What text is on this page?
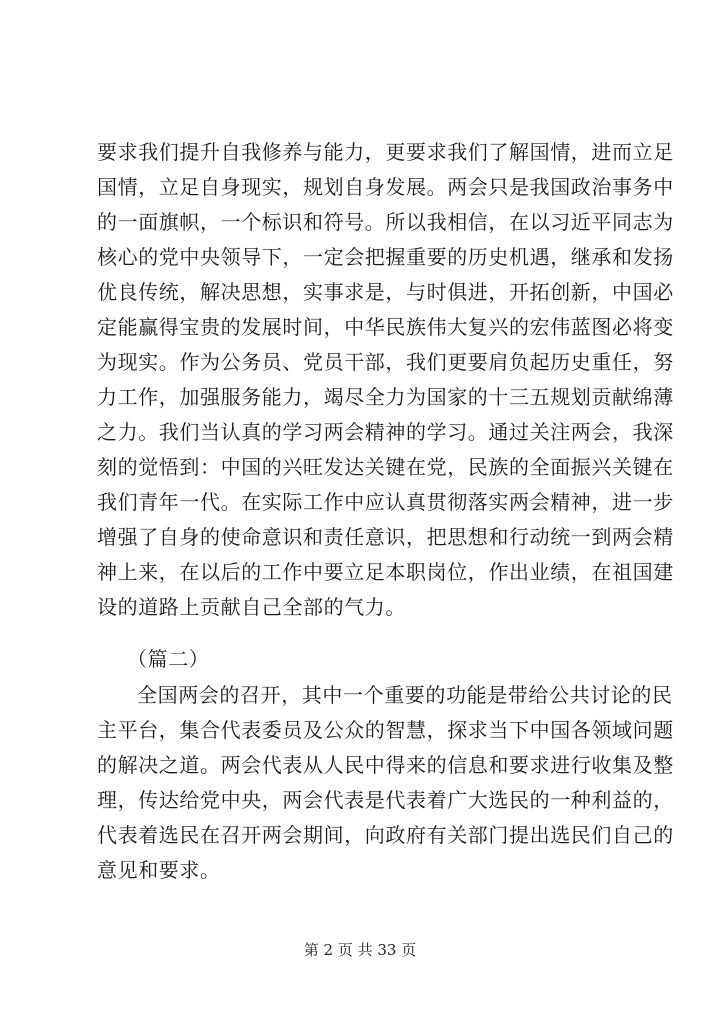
要求我们提升自我修养与能力，更要求我们了解国情，进而立足
国情，立足自身现实，规划自身发展。两会只是我国政治事务中
的一面旗帜，一个标识和符号。所以我相信，在以习近平同志为
核心的党中央领导下，一定会把握重要的历史机遇，继承和发扬
优良传统，解决思想，实事求是，与时俱进，开拓创新，中国必
定能赢得宝贵的发展时间，中华民族伟大复兴的宏伟蓝图必将变
为现实。作为公务员、党员干部，我们更要肩负起历史重任，努
力工作，加强服务能力，竭尽全力为国家的十三五规划贡献绵薄
之力。我们当认真的学习两会精神的学习。通过关注两会，我深
刻的觉悟到：中国的兴旺发达关键在党，民族的全面振兴关键在
我们青年一代。在实际工作中应认真贯彻落实两会精神，进一步
增强了自身的使命意识和责任意识，把思想和行动统一到两会精
神上来，在以后的工作中要立足本职岗位，作出业绩，在祖国建
设的道路上贡献自己全部的气力。
（篇二）
全国两会的召开，其中一个重要的功能是带给公共讨论的民
主平台，集合代表委员及公众的智慧，探求当下中国各领域问题
的解决之道。两会代表从人民中得来的信息和要求进行收集及整
理，传达给党中央，两会代表是代表着广大选民的一种利益的，
代表着选民在召开两会期间，向政府有关部门提出选民们自己的
意见和要求。
第 2 页 共 33 页
